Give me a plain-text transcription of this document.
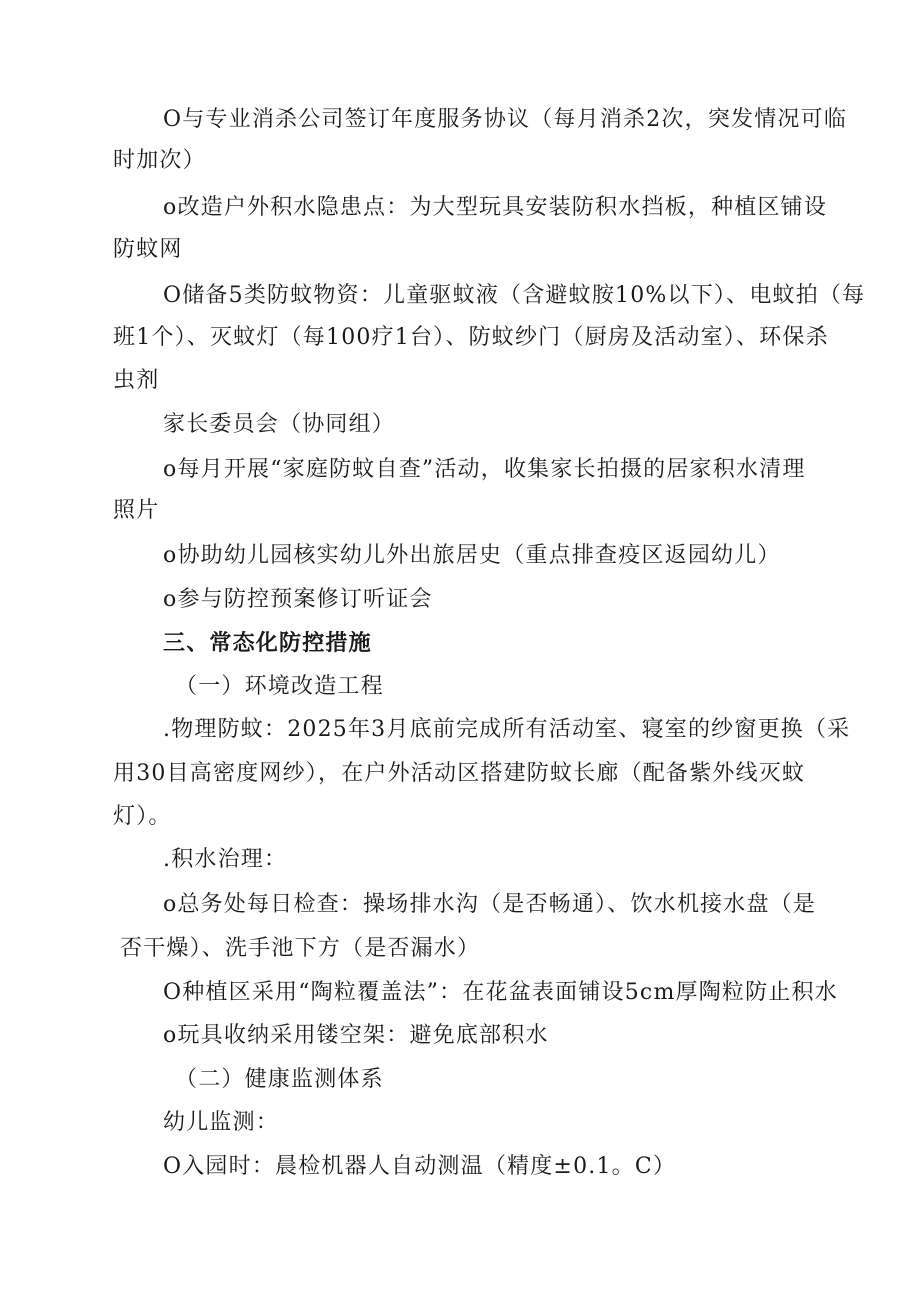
O与专业消杀公司签订年度服务协议（每月消杀2次，突发情况可临
时加次）
o改造户外积水隐患点：为大型玩具安装防积水挡板，种植区铺设
防蚊网
O储备5类防蚊物资：儿童驱蚊液（含避蚊胺10%以下）、电蚊拍（每
班1个）、灭蚊灯（每100疗1台）、防蚊纱门（厨房及活动室）、环保杀
虫剂
家长委员会（协同组）
o每月开展“家庭防蚊自查”活动，收集家长拍摄的居家积水清理
照片
o协助幼儿园核实幼儿外出旅居史（重点排查疫区返园幼儿）
o参与防控预案修订听证会
三、常态化防控措施
（一）环境改造工程
.物理防蚊：2025年3月底前完成所有活动室、寝室的纱窗更换（采
用30目高密度网纱），在户外活动区搭建防蚊长廊（配备紫外线灭蚊
灯）。
.积水治理：
o总务处每日检查：操场排水沟（是否畅通）、饮水机接水盘（是
否干燥）、洗手池下方（是否漏水）
O种植区采用“陶粒覆盖法”：在花盆表面铺设5cm厚陶粒防止积水
o玩具收纳采用镂空架：避免底部积水
（二）健康监测体系
幼儿监测：
O入园时：晨检机器人自动测温（精度±0.1。C）
